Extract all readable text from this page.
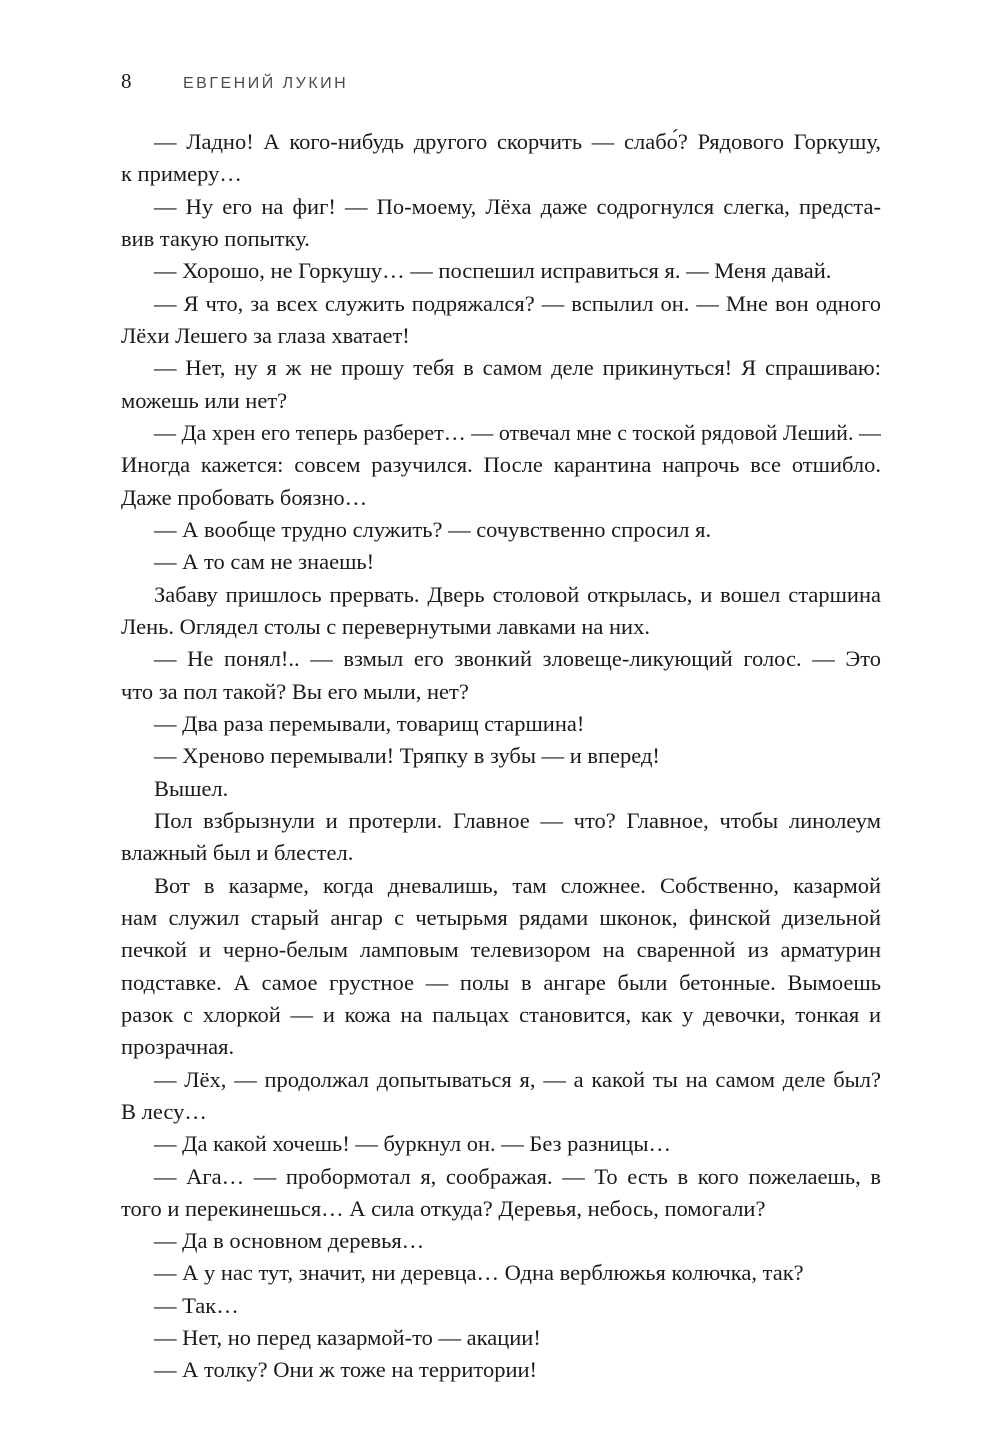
8	ЕВГЕНИЙ ЛУКИН
— Ладно! А кого-нибудь другого скорчить — слабо́? Рядового Горкушу,
к примеру…
— Ну его на фиг! — По-моему, Лёха даже содрогнулся слегка, предста-
вив такую попытку.
— Хорошо, не Горкушу… — поспешил исправиться я. — Меня давай.
— Я что, за всех служить подряжался? — вспылил он. — Мне вон одного
Лёхи Лешего за глаза хватает!
— Нет, ну я ж не прошу тебя в самом деле прикинуться! Я спрашиваю:
можешь или нет?
— Да хрен его теперь разберет… — отвечал мне с тоской рядовой Леший. —
Иногда кажется: совсем разучился. После карантина напрочь все отшибло.
Даже пробовать боязно…
— А вообще трудно служить? — сочувственно спросил я.
— А то сам не знаешь!
Забаву пришлось прервать. Дверь столовой открылась, и вошел старшина
Лень. Оглядел столы с перевернутыми лавками на них.
— Не понял!.. — взмыл его звонкий зловеще-ликующий голос. — Это
что за пол такой? Вы его мыли, нет?
— Два раза перемывали, товарищ старшина!
— Хреново перемывали! Тряпку в зубы — и вперед!
Вышел.
Пол взбрызнули и протерли. Главное — что? Главное, чтобы линолеум
влажный был и блестел.
Вот в казарме, когда дневалишь, там сложнее. Собственно, казармой
нам служил старый ангар с четырьмя рядами шконок, финской дизельной
печкой и черно-белым ламповым телевизором на сваренной из арматурин
подставке. А самое грустное — полы в ангаре были бетонные. Вымоешь
разок с хлоркой — и кожа на пальцах становится, как у девочки, тонкая и
прозрачная.
— Лёх, — продолжал допытываться я, — а какой ты на самом деле был?
В лесу…
— Да какой хочешь! — буркнул он. — Без разницы…
— Ага… — пробормотал я, соображая. — То есть в кого пожелаешь, в
того и перекинешься… А сила откуда? Деревья, небось, помогали?
— Да в основном деревья…
— А у нас тут, значит, ни деревца… Одна верблюжья колючка, так?
— Так…
— Нет, но перед казармой-то — акации!
— А толку? Они ж тоже на территории!
